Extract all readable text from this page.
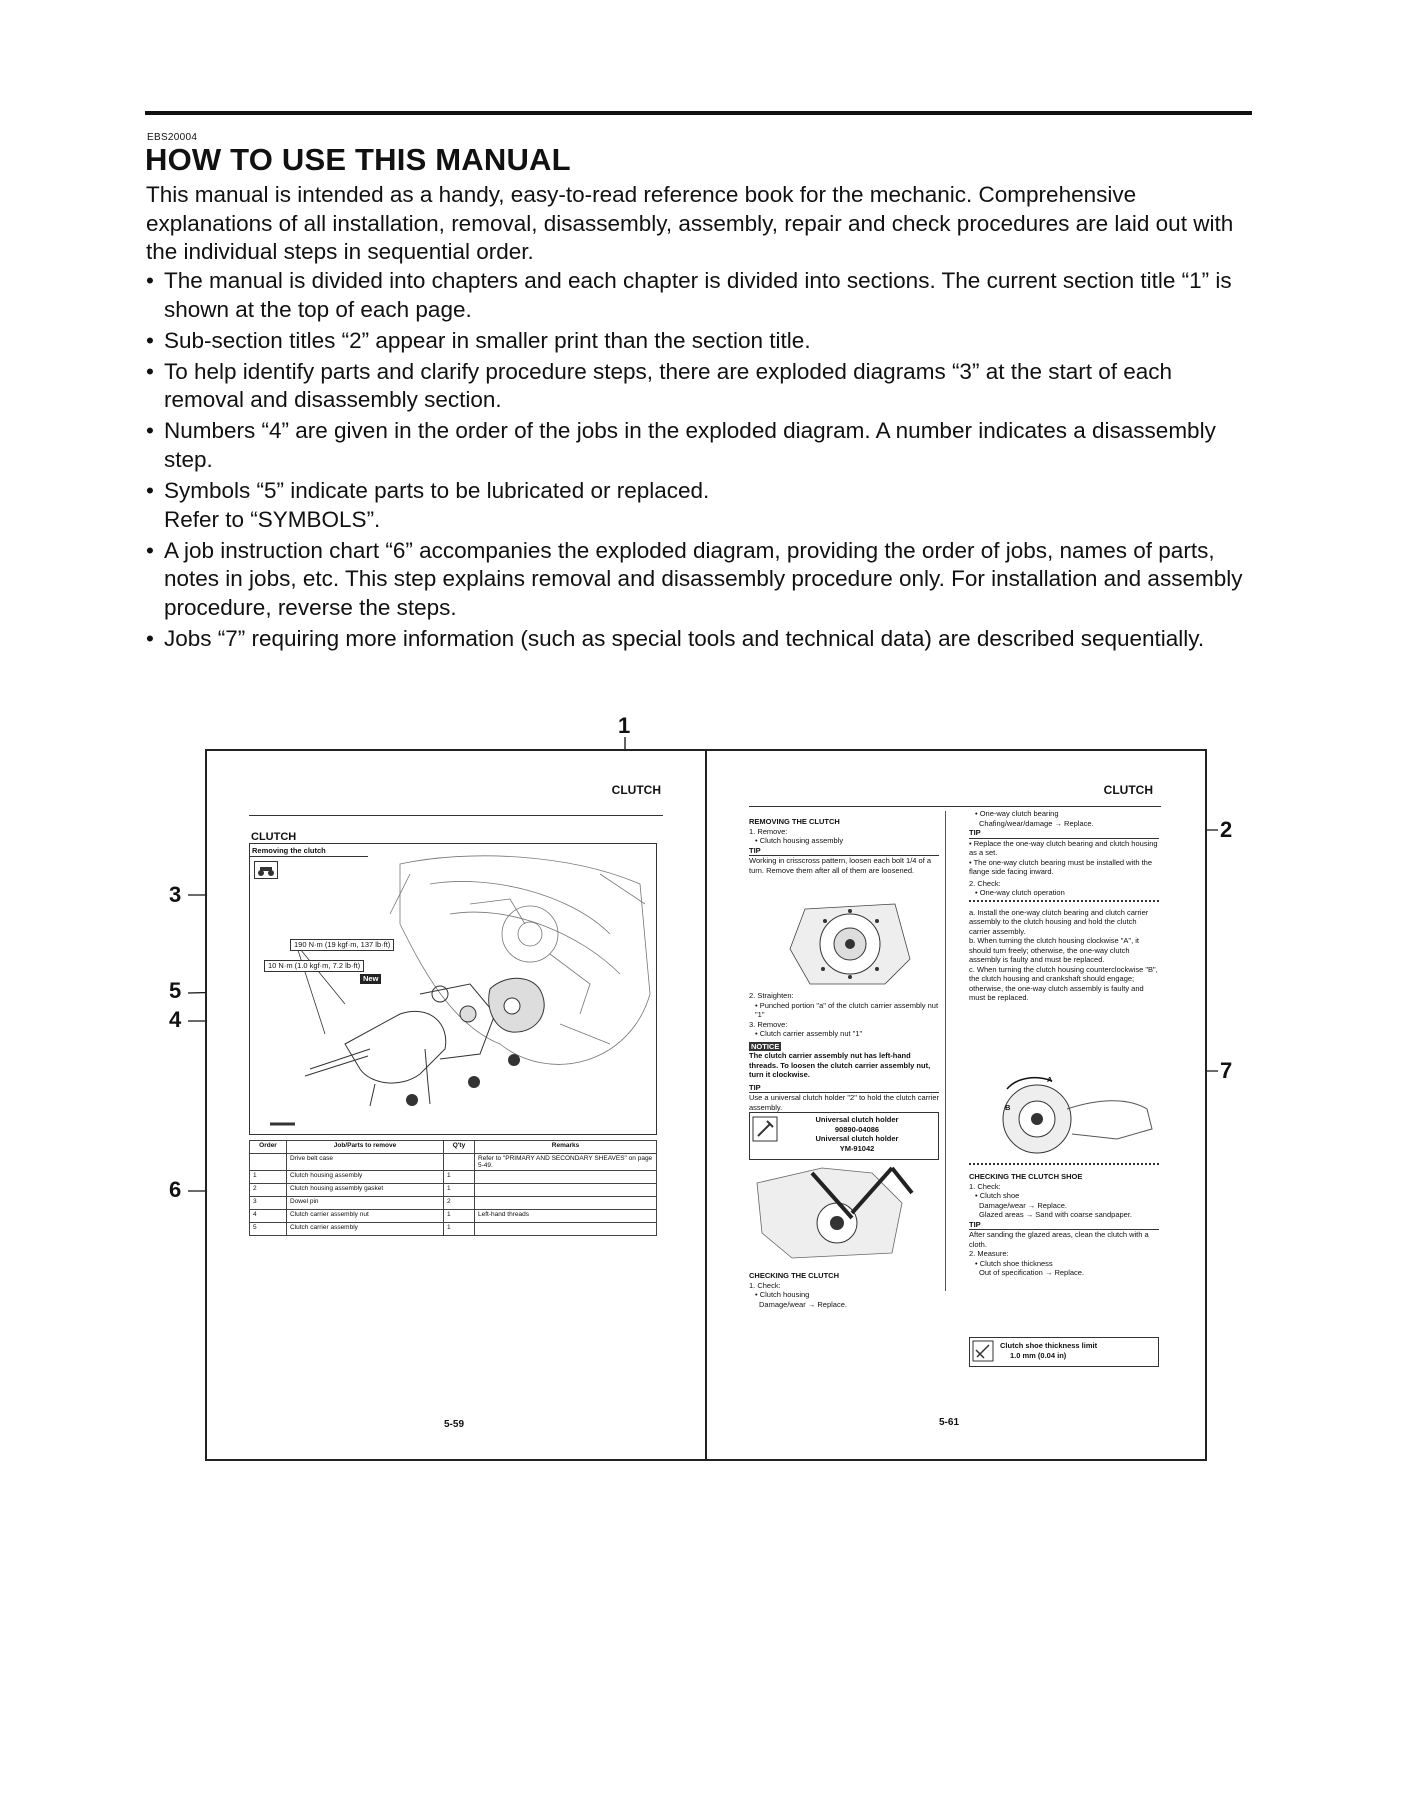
EBS20004
HOW TO USE THIS MANUAL

This manual is intended as a handy, easy-to-read reference book for the mechanic. Comprehensive explanations of all installation, removal, disassembly, assembly, repair and check procedures are laid out with the individual steps in sequential order.

• The manual is divided into chapters and each chapter is divided into sections. The current section title “1” is shown at the top of each page.
• Sub-section titles “2” appear in smaller print than the section title.
• To help identify parts and clarify procedure steps, there are exploded diagrams “3” at the start of each removal and disassembly section.
• Numbers “4” are given in the order of the jobs in the exploded diagram. A number indicates a disassembly step.
• Symbols “5” indicate parts to be lubricated or replaced.
Refer to “SYMBOLS”.
• A job instruction chart “6” accompanies the exploded diagram, providing the order of jobs, names of parts, notes in jobs, etc. This step explains removal and disassembly procedure only. For installation and assembly procedure, reverse the steps.
• Jobs “7” requiring more information (such as special tools and technical data) are described sequentially.
1
2
3
5
4
6
7
CLUTCH
CLUTCH
Removing the clutch
190 N·m (19 kgf·m, 137 lb·ft)
10 N·m (1.0 kgf·m, 7.2 lb·ft)
New
Order	Job/Parts to remove	Q'ty	Remarks
	Drive belt case		Refer to "PRIMARY AND SECONDARY SHEAVES" on page 5-49.
1	Clutch housing assembly	1	
2	Clutch housing assembly gasket	1	
3	Dowel pin	2	
4	Clutch carrier assembly nut	1	Left-hand threads
5	Clutch carrier assembly	1	
5-59
CLUTCH
REMOVING THE CLUTCH
1. Remove:
• Clutch housing assembly
TIP
Working in crisscross pattern, loosen each bolt 1/4 of a turn. Remove them after all of them are loosened.
2. Straighten:
• Punched portion "a" of the clutch carrier assembly nut "1"
3. Remove:
• Clutch carrier assembly nut "1"
NOTICE
The clutch carrier assembly nut has left-hand threads. To loosen the clutch carrier assembly nut, turn it clockwise.
TIP
Use a universal clutch holder "2" to hold the clutch carrier assembly.
Universal clutch holder
90890-04086
Universal clutch holder
YM-91042
CHECKING THE CLUTCH
1. Check:
• Clutch housing
Damage/wear → Replace.
• One-way clutch bearing
Chafing/wear/damage → Replace.
TIP
• Replace the one-way clutch bearing and clutch housing as a set.
• The one-way clutch bearing must be installed with the flange side facing inward.
2. Check:
• One-way clutch operation
a. Install the one-way clutch bearing and clutch carrier assembly to the clutch housing and hold the clutch carrier assembly.
b. When turning the clutch housing clockwise "A", it should turn freely; otherwise, the one-way clutch assembly is faulty and must be replaced.
c. When turning the clutch housing counterclockwise "B", the clutch housing and crankshaft should engage; otherwise, the one-way clutch assembly is faulty and must be replaced.
A
B
CHECKING THE CLUTCH SHOE
1. Check:
• Clutch shoe
Damage/wear → Replace.
Glazed areas → Sand with coarse sandpaper.
TIP
After sanding the glazed areas, clean the clutch with a cloth.
2. Measure:
• Clutch shoe thickness
Out of specification → Replace.
Clutch shoe thickness limit
1.0 mm (0.04 in)
5-61
